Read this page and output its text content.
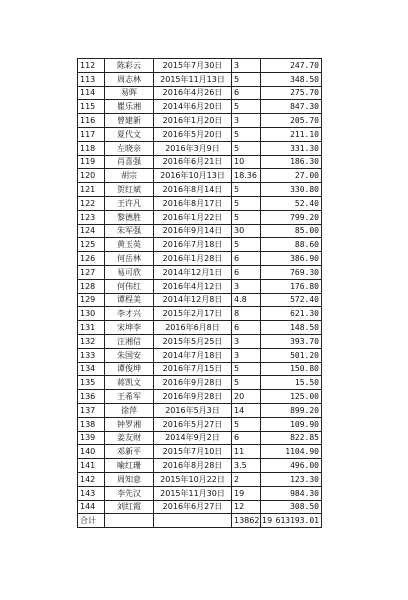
112	陈彩云	2015年7月30日	3	247.70
113	周志林	2015年11月13日	5	348.50
114	易晖	2016年4月26日	6	275.70
115	瞿乐湘	2014年6月20日	5	847.30
116	曾建新	2016年1月20日	3	205.70
117	夏代文	2016年5月20日	5	211.10
118	左晓亲	2016年3月9日	5	331.30
119	肖喜强	2016年6月21日	10	186.30
120	胡宗	2016年10月13日	18.36	27.00
121	贺红斌	2016年8月14日	5	330.80
122	王许凡	2016年8月17日	5	52.40
123	黎德胜	2016年1月22日	5	799.20
124	朱军强	2016年9月14日	30	85.00
125	黄玉英	2016年7月18日	5	88.60
126	何岳林	2016年1月28日	6	386.90
127	易可欣	2014年12月1日	6	769.30
128	何伟红	2016年4月12日	3	176.80
129	谭程美	2014年12月8日	4.8	572.40
130	李才兴	2015年2月17日	8	621.30
131	宋坤李	2016年6月8日	6	148.50
132	汪湘信	2015年5月25日	3	393.70
133	朱国安	2014年7月18日	3	501.20
134	谭俊坤	2016年7月15日	5	150.80
135	蒋凯文	2016年9月28日	5	15.50
136	王希军	2016年9月28日	20	125.00
137	徐萍	2016年5月3日	14	899.20
138	钟罗湘	2016年5月27日	5	109.90
139	姜友财	2014年9月2日	6	822.85
140	邓新平	2015年7月10日	11	1104.90
141	喻红珊	2016年8月28日	3.5	496.00
142	周知意	2015年10月22日	2	123.30
143	李先汉	2015年11月30日	19	984.30
144	刘红霞	2016年6月27日	12	308.50
合计			13862.19	613193.01
